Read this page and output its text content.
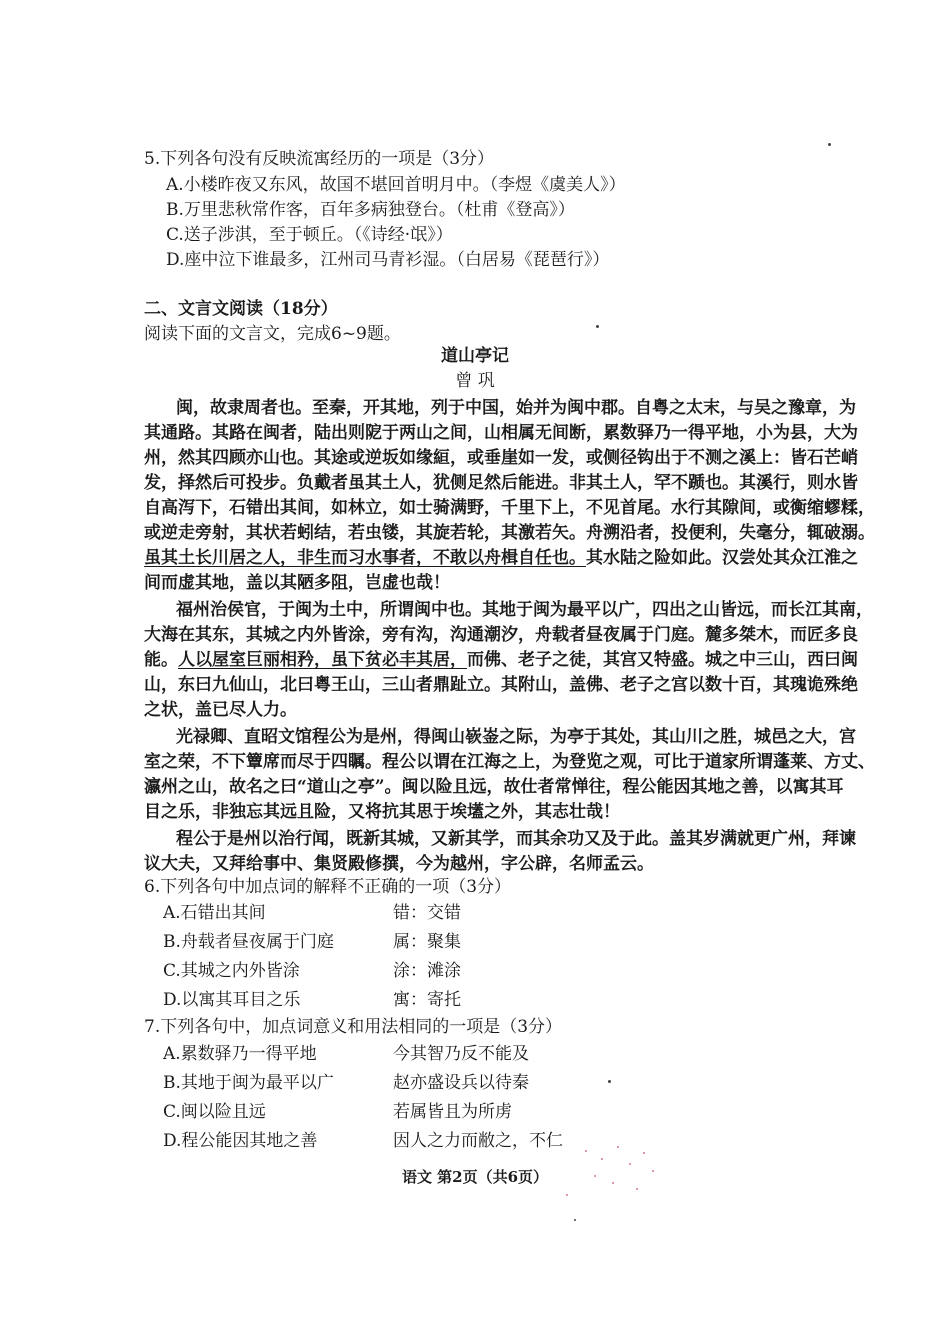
5.下列各句没有反映流寓经历的一项是（3分）
A.小楼昨夜又东风，故国不堪回首明月中。（李煜《虞美人》）
B.万里悲秋常作客，百年多病独登台。（杜甫《登高》）
C.送子涉淇，至于顿丘。（《诗经·氓》）
D.座中泣下谁最多，江州司马青衫湿。（白居易《琵琶行》）
二、文言文阅读（18分）
阅读下面的文言文，完成6~9题。
道山亭记
曾 巩
闽，故隶周者也。至秦，开其地，列于中国，始并为闽中郡。自粤之太末，与吴之豫章，为
其通路。其路在闽者，陆出则阸于两山之间，山相属无间断，累数驿乃一得平地，小为县，大为
州，然其四顾亦山也。其途或逆坂如缘絙，或垂崖如一发，或侧径钩出于不测之溪上：皆石芒峭
发，择然后可投步。负戴者虽其土人，犹侧足然后能进。非其土人，罕不踬也。其溪行，则水皆
自高泻下，石错出其间，如林立，如士骑满野，千里下上，不见首尾。水行其隙间，或衡缩蟉糅，
或逆走旁射，其状若蚓结，若虫镂，其旋若轮，其激若矢。舟溯沿者，投便利，失毫分，辄破溺。
虽其土长川居之人，非生而习水事者，不敢以舟楫自任也。其水陆之险如此。汉尝处其众江淮之
间而虚其地，盖以其陋多阻，岂虚也哉！
福州治侯官，于闽为土中，所谓闽中也。其地于闽为最平以广，四出之山皆远，而长江其南，
大海在其东，其城之内外皆涂，旁有沟，沟通潮汐，舟载者昼夜属于门庭。麓多桀木，而匠多良
能。人以屋室巨丽相矜，虽下贫必丰其居，而佛、老子之徒，其宫又特盛。城之中三山，西曰闽
山，东曰九仙山，北曰粤王山，三山者鼎趾立。其附山，盖佛、老子之宫以数十百，其瑰诡殊绝
之状，盖已尽人力。
光禄卿、直昭文馆程公为是州，得闽山嵚崟之际，为亭于其处，其山川之胜，城邑之大，宫
室之荣，不下簟席而尽于四瞩。程公以谓在江海之上，为登览之观，可比于道家所谓蓬莱、方丈、
瀛州之山，故名之曰“道山之亭”。闽以险且远，故仕者常惮往，程公能因其地之善，以寓其耳
目之乐，非独忘其远且险，又将抗其思于埃壒之外，其志壮哉！
程公于是州以治行闻，既新其城，又新其学，而其余功又及于此。盖其岁满就更广州，拜谏
议大夫，又拜给事中、集贤殿修撰，今为越州，字公辟，名师孟云。
6.下列各句中加点词的解释不正确的一项（3分）
A.石错出其间	错：交错
B.舟载者昼夜属于门庭	属：聚集
C.其城之内外皆涂	涂：滩涂
D.以寓其耳目之乐	寓：寄托
7.下列各句中，加点词意义和用法相同的一项是（3分）
A.累数驿乃一得平地	今其智乃反不能及
B.其地于闽为最平以广	赵亦盛设兵以待秦
C.闽以险且远	若属皆且为所虏
D.程公能因其地之善	因人之力而敝之，不仁
语文 第2页（共6页）
